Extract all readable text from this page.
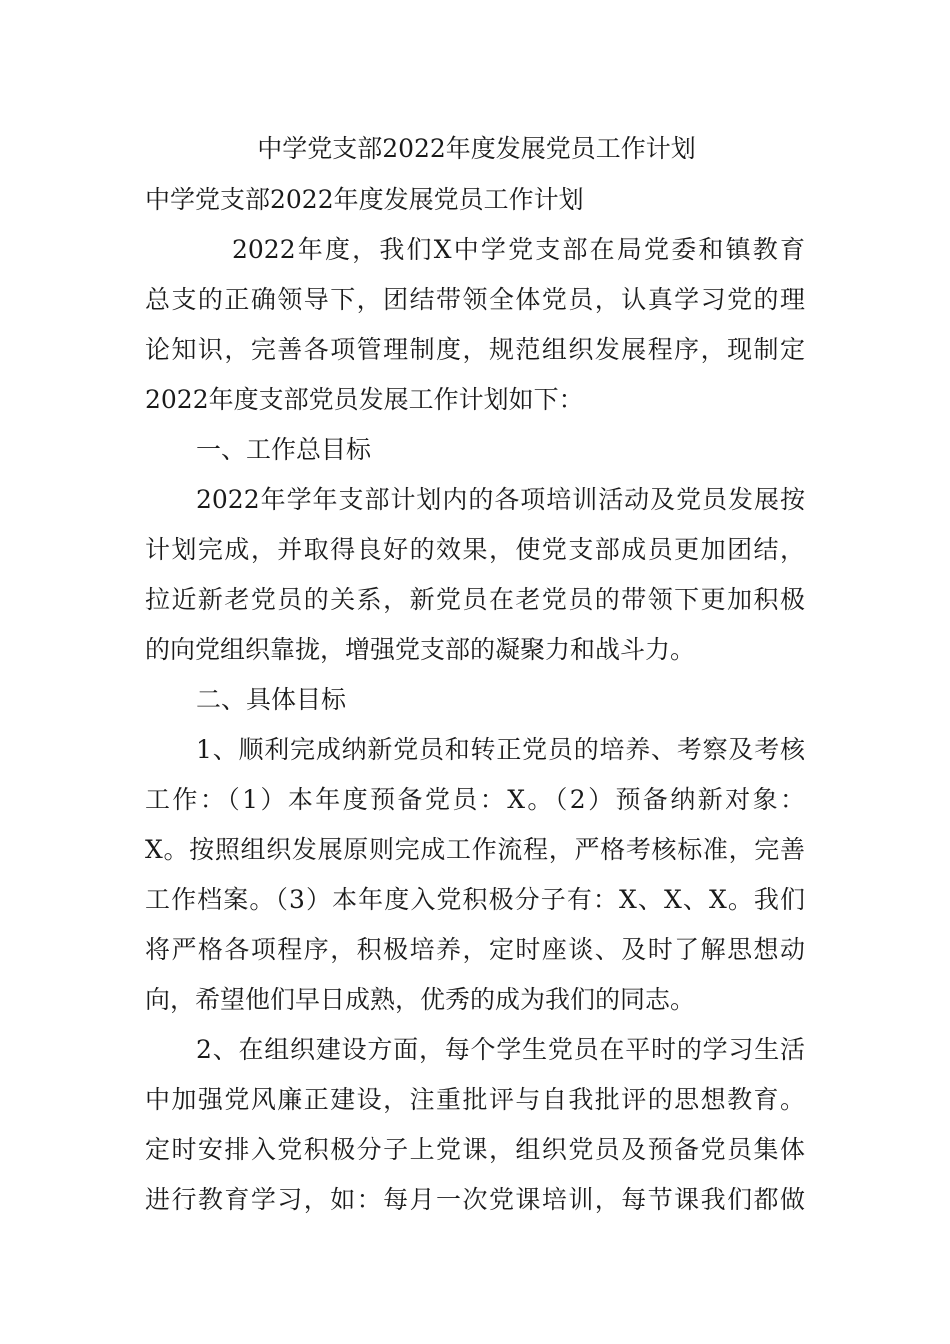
中学党支部2022年度发展党员工作计划

中学党支部2022年度发展党员工作计划

2022年度，我们X中学党支部在局党委和镇教育

总支的正确领导下，团结带领全体党员，认真学习党的理

论知识，完善各项管理制度，规范组织发展程序，现制定

2022年度支部党员发展工作计划如下：

一、工作总目标

2022年学年支部计划内的各项培训活动及党员发展按

计划完成，并取得良好的效果，使党支部成员更加团结，

拉近新老党员的关系，新党员在老党员的带领下更加积极

的向党组织靠拢，增强党支部的凝聚力和战斗力。

二、具体目标

1、顺利完成纳新党员和转正党员的培养、考察及考核

工作：（1）本年度预备党员：X。（2）预备纳新对象：

X。按照组织发展原则完成工作流程，严格考核标准，完善

工作档案。（3）本年度入党积极分子有：X、X、X。我们

将严格各项程序，积极培养，定时座谈、及时了解思想动

向，希望他们早日成熟，优秀的成为我们的同志。

2、在组织建设方面，每个学生党员在平时的学习生活

中加强党风廉正建设，注重批评与自我批评的思想教育。

定时安排入党积极分子上党课，组织党员及预备党员集体

进行教育学习，如：每月一次党课培训，每节课我们都做
